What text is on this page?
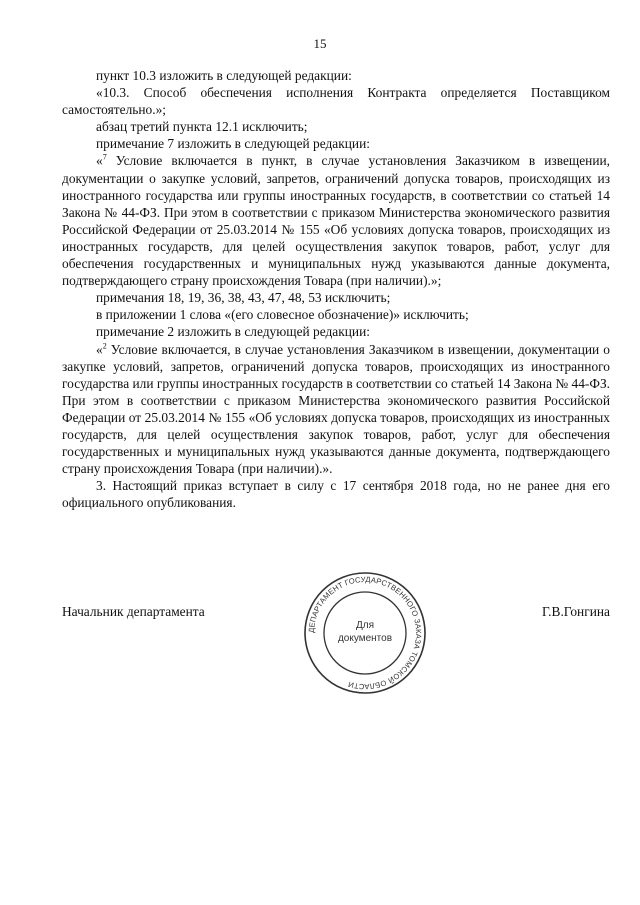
15

пункт 10.3 изложить в следующей редакции:

«10.3. Способ обеспечения исполнения Контракта определяется Поставщиком самостоятельно.»;

абзац третий пункта 12.1 исключить;

примечание 7 изложить в следующей редакции:

«$^7$ Условие включается в пункт, в случае установления Заказчиком в извещении, документации о закупке условий, запретов, ограничений допуска товаров, происходящих из иностранного государства или группы иностранных государств, в соответствии со статьей 14 Закона № 44-ФЗ. При этом в соответствии с приказом Министерства экономического развития Российской Федерации от 25.03.2014 № 155 «Об условиях допуска товаров, происходящих из иностранных государств, для целей осуществления закупок товаров, работ, услуг для обеспечения государственных и муниципальных нужд указываются данные документа, подтверждающего страну происхождения Товара (при наличии).»;

примечания 18, 19, 36, 38, 43, 47, 48, 53 исключить;

в приложении 1 слова «(его словесное обозначение)» исключить;

примечание 2 изложить в следующей редакции:

«$^2$ Условие включается, в случае установления Заказчиком в извещении, документации о закупке условий, запретов, ограничений допуска товаров, происходящих из иностранного государства или группы иностранных государств в соответствии со статьей 14 Закона № 44-ФЗ. При этом в соответствии с приказом Министерства экономического развития Российской Федерации от 25.03.2014 № 155 «Об условиях допуска товаров, происходящих из иностранных государств, для целей осуществления закупок товаров, работ, услуг для обеспечения государственных и муниципальных нужд указываются данные документа, подтверждающего страну происхождения Товара (при наличии).».

3. Настоящий приказ вступает в силу с 17 сентября 2018 года, но не ранее дня его официального опубликования.

Начальник департамента	Г.В.Гонгина
ДЕПАРТАМЕНТ ГОСУДАРСТВЕННОГО ЗАКАЗА ТОМСКОЙ ОБЛАСТИ
Для
документов
